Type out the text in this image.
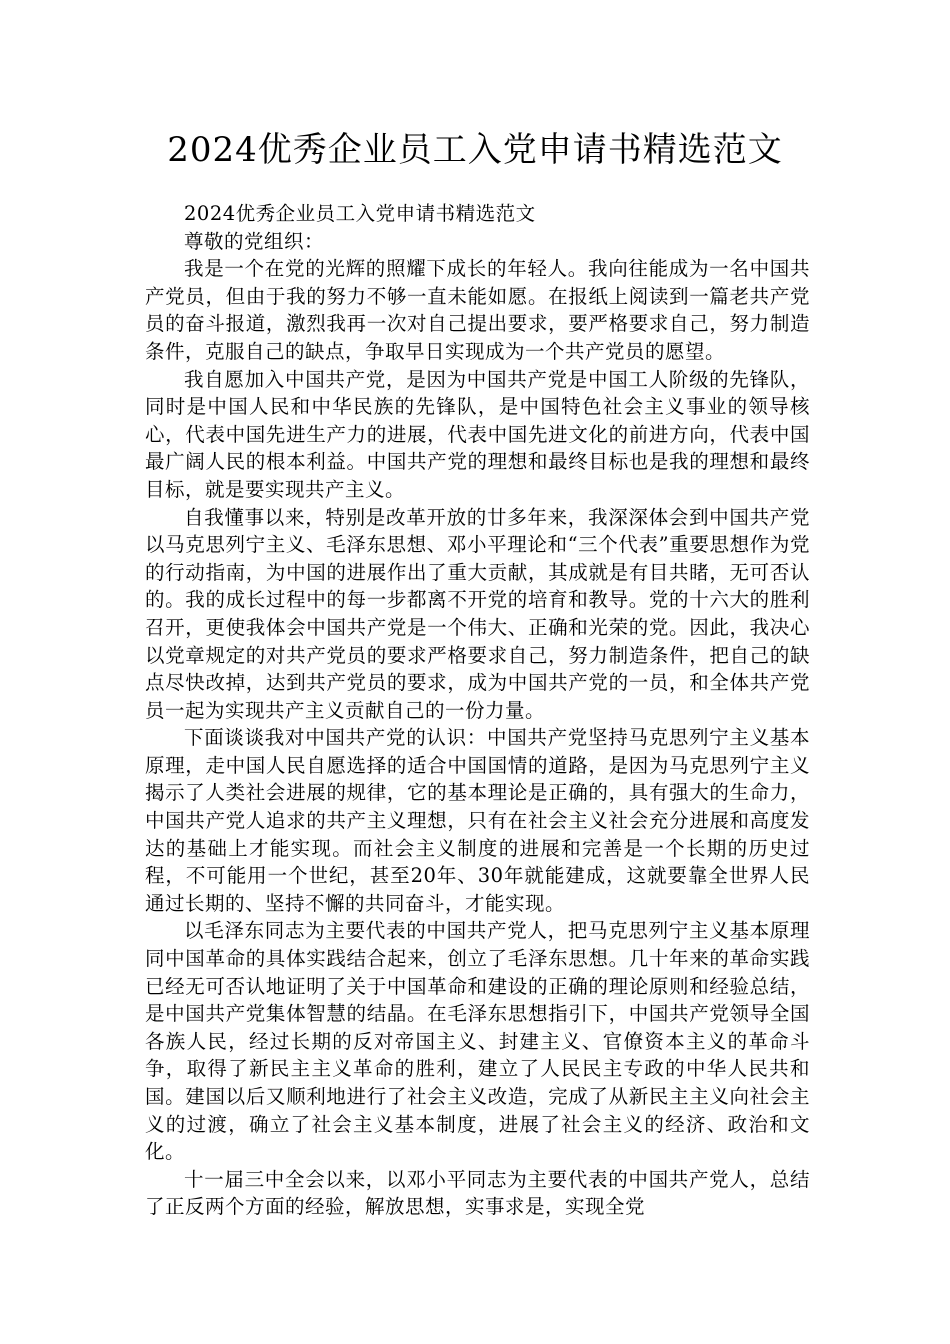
2024优秀企业员工入党申请书精选范文

2024优秀企业员工入党申请书精选范文

尊敬的党组织：

我是一个在党的光辉的照耀下成长的年轻人。我向往能成为一名中国共产党员，但由于我的努力不够一直未能如愿。在报纸上阅读到一篇老共产党员的奋斗报道，激烈我再一次对自己提出要求，要严格要求自己，努力制造条件，克服自己的缺点，争取早日实现成为一个共产党员的愿望。

我自愿加入中国共产党，是因为中国共产党是中国工人阶级的先锋队，同时是中国人民和中华民族的先锋队，是中国特色社会主义事业的领导核心，代表中国先进生产力的进展，代表中国先进文化的前进方向，代表中国最广阔人民的根本利益。中国共产党的理想和最终目标也是我的理想和最终目标，就是要实现共产主义。

自我懂事以来，特别是改革开放的廿多年来，我深深体会到中国共产党以马克思列宁主义、毛泽东思想、邓小平理论和“三个代表”重要思想作为党的行动指南，为中国的进展作出了重大贡献，其成就是有目共睹，无可否认的。我的成长过程中的每一步都离不开党的培育和教导。党的十六大的胜利召开，更使我体会中国共产党是一个伟大、正确和光荣的党。因此，我决心以党章规定的对共产党员的要求严格要求自己，努力制造条件，把自己的缺点尽快改掉，达到共产党员的要求，成为中国共产党的一员，和全体共产党员一起为实现共产主义贡献自己的一份力量。

下面谈谈我对中国共产党的认识：中国共产党坚持马克思列宁主义基本原理，走中国人民自愿选择的适合中国国情的道路，是因为马克思列宁主义揭示了人类社会进展的规律，它的基本理论是正确的，具有强大的生命力，中国共产党人追求的共产主义理想，只有在社会主义社会充分进展和高度发达的基础上才能实现。而社会主义制度的进展和完善是一个长期的历史过程，不可能用一个世纪，甚至20年、30年就能建成，这就要靠全世界人民通过长期的、坚持不懈的共同奋斗，才能实现。

以毛泽东同志为主要代表的中国共产党人，把马克思列宁主义基本原理同中国革命的具体实践结合起来，创立了毛泽东思想。几十年来的革命实践已经无可否认地证明了关于中国革命和建设的正确的理论原则和经验总结，是中国共产党集体智慧的结晶。在毛泽东思想指引下，中国共产党领导全国各族人民，经过长期的反对帝国主义、封建主义、官僚资本主义的革命斗争，取得了新民主主义革命的胜利，建立了人民民主专政的中华人民共和国。建国以后又顺利地进行了社会主义改造，完成了从新民主主义向社会主义的过渡，确立了社会主义基本制度，进展了社会主义的经济、政治和文化。

十一届三中全会以来，以邓小平同志为主要代表的中国共产党人，总结了正反两个方面的经验，解放思想，实事求是，实现全党
